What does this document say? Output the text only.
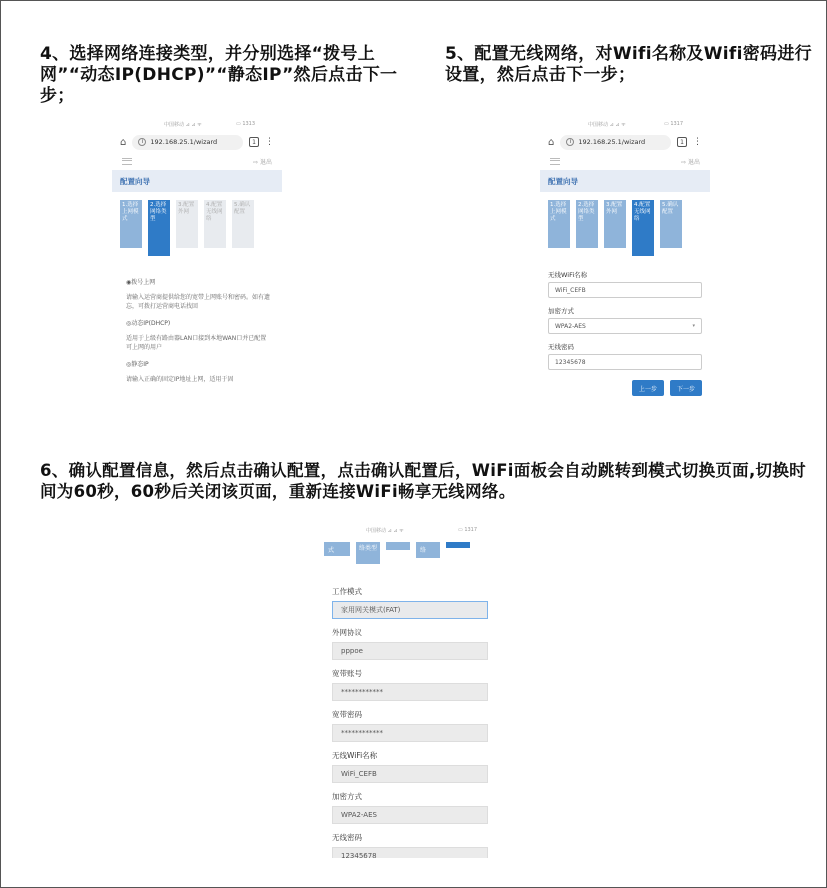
4、选择网络连接类型，并分别选择“拨号上网”“动态IP(DHCP)”“静态IP”然后点击下一步；
5、配置无线网络，对Wifi名称及Wifi密码进行设置，然后点击下一步；
中国移动 ⊿ ⊿ ᯤ	▭ 1313
⌂	i	192.168.25.1/wizard	1	⋮
⇨ 退出
配置向导
1.选择上网模式
2.选择网络类型
3.配置外网
4.配置无线网络
5.确认配置
◉拨号上网
请输入运营商提供给您的宽带上网账号和密码。如有遗忘，可拨打运营商电话找回
◎动态IP(DHCP)
适用于上级有路由器LAN口接到本地WAN口并已配置可上网的用户
◎静态IP
请输入正确的固定IP地址上网，适用于固
中国移动 ⊿ ⊿ ᯤ	▭ 1317
⌂	i	192.168.25.1/wizard	1	⋮
⇨ 退出
配置向导
1.选择上网模式
2.选择网络类型
3.配置外网
4.配置无线网络
5.确认配置
无线WiFi名称
WiFi_CEFB
加密方式
WPA2-AES	▾
无线密码
12345678
上一步	下一步
6、确认配置信息，然后点击确认配置，点击确认配置后，WiFi面板会自动跳转到模式切换页面,切换时间为60秒，60秒后关闭该页面，重新连接WiFi畅享无线网络。
中国移动 ⊿ ⊿ ᯤ	▭ 1317
式	络类型	络
工作模式
家用网关模式(FAT)
外网协议
pppoe
宽带账号
************
宽带密码
************
无线WiFi名称
WiFi_CEFB
加密方式
WPA2-AES
无线密码
12345678
